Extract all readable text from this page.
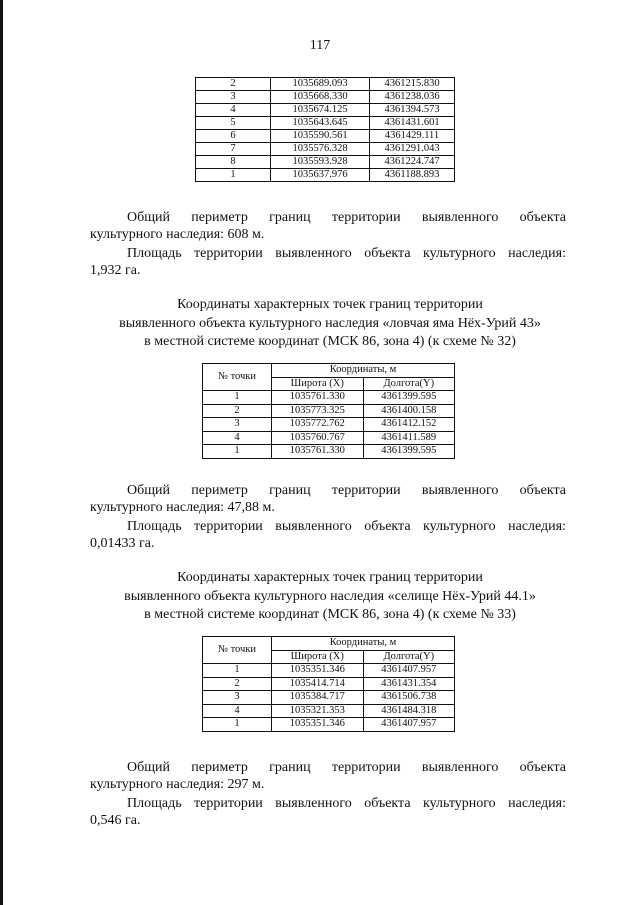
117
2	1035689.093	4361215.830
3	1035668.330	4361238.036
4	1035674.125	4361394.573
5	1035643.645	4361431.601
6	1035590.561	4361429.111
7	1035576.328	4361291.043
8	1035593.928	4361224.747
1	1035637.976	4361188.893

Общий периметр границ территории выявленного объекта

культурного наследия: 608 м.

Площадь территории выявленного объекта культурного наследия:

1,932 га.

Координаты характерных точек границ территории
выявленного объекта культурного наследия «ловчая яма Нёх-Урий 43»
в местной системе координат (МСК 86, зона 4) (к схеме № 32)
№ точки	Координаты, м	
	Широта (X)	Долгота(Y)
1	1035761.330	4361399.595
2	1035773.325	4361400.158
3	1035772.762	4361412.152
4	1035760.767	4361411.589
1	1035761.330	4361399.595

Общий периметр границ территории выявленного объекта

культурного наследия: 47,88 м.

Площадь территории выявленного объекта культурного наследия:

0,01433 га.

Координаты характерных точек границ территории
выявленного объекта культурного наследия «селище Нёх-Урий 44.1»
в местной системе координат (МСК 86, зона 4) (к схеме № 33)
№ точки	Координаты, м	
	Широта (X)	Долгота(Y)
1	1035351.346	4361407.957
2	1035414.714	4361431.354
3	1035384.717	4361506.738
4	1035321.353	4361484.318
1	1035351.346	4361407.957

Общий периметр границ территории выявленного объекта

культурного наследия: 297 м.

Площадь территории выявленного объекта культурного наследия:

0,546 га.
